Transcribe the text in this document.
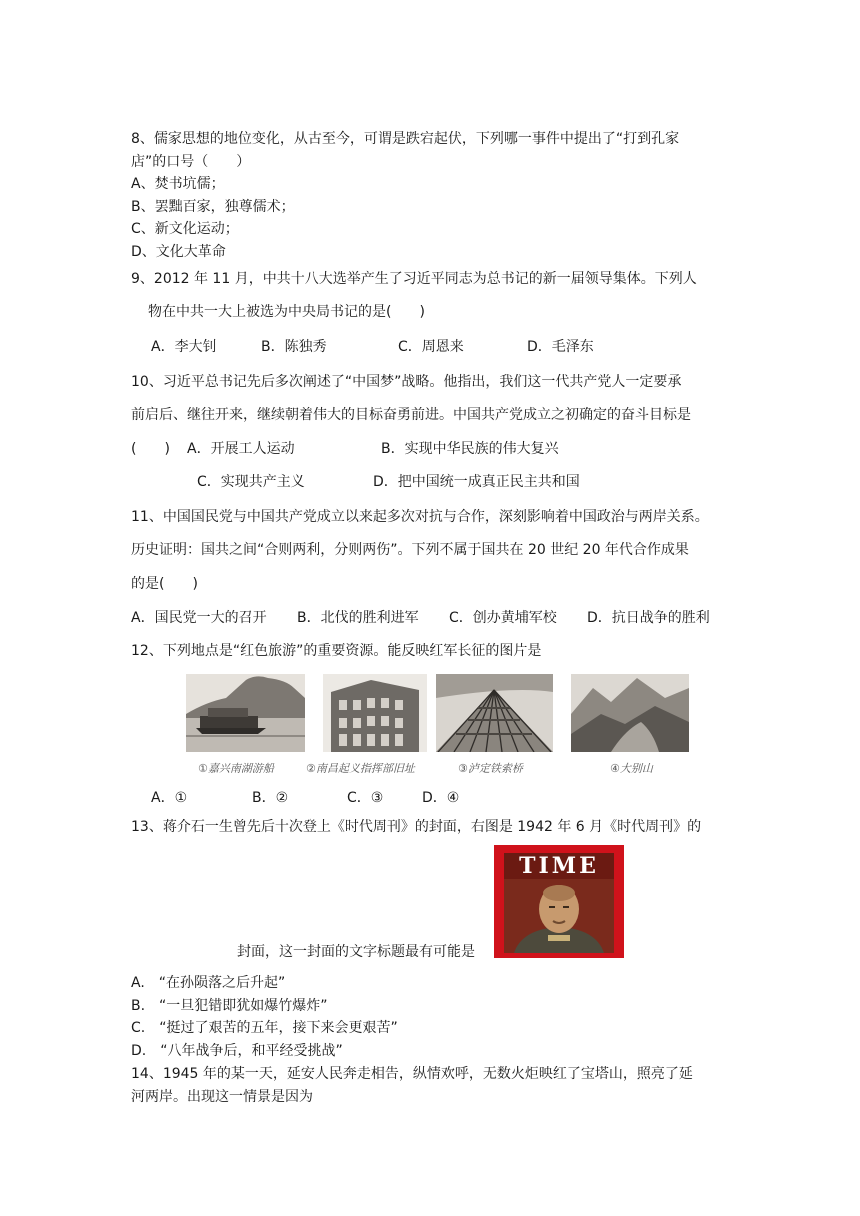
8、儒家思想的地位变化，从古至今，可谓是跌宕起伏，下列哪一事件中提出了“打到孔家
店”的口号（　　）
A、焚书坑儒；
B、罢黜百家，独尊儒术；
C、新文化运动；
D、文化大革命
9、2012 年 11 月，中共十八大选举产生了习近平同志为总书记的新一届领导集体。下列人
物在中共一大上被选为中央局书记的是(　　)
A．李大钊	B．陈独秀	C．周恩来	D．毛泽东
10、习近平总书记先后多次阐述了“中国梦”战略。他指出，我们这一代共产党人一定要承
前启后、继往开来，继续朝着伟大的目标奋勇前进。中国共产党成立之初确定的奋斗目标是
(　　) A．开展工人运动	B．实现中华民族的伟大复兴
C．实现共产主义	D．把中国统一成真正民主共和国
11、中国国民党与中国共产党成立以来起多次对抗与合作，深刻影响着中国政治与两岸关系。
历史证明：国共之间“合则两利，分则两伤”。下列不属于国共在 20 世纪 20 年代合作成果
的是(　　)
A．国民党一大的召开 B．北伐的胜利进军 C．创办黄埔军校 D．抗日战争的胜利
12、下列地点是“红色旅游”的重要资源。能反映红军长征的图片是
①嘉兴南湖游船	②南昌起义指挥部旧址	③泸定铁索桥	④大别山
A．①	B．②	C．③	D．④
13、蒋介石一生曾先后十次登上《时代周刊》的封面，右图是 1942 年 6 月《时代周刊》的
TIME
封面，这一封面的文字标题最有可能是
A.　“在孙陨落之后升起”
B.　“一旦犯错即犹如爆竹爆炸”
C.　“挺过了艰苦的五年，接下来会更艰苦”
D.　“八年战争后，和平经受挑战”
14、1945 年的某一天，延安人民奔走相告，纵情欢呼，无数火炬映红了宝塔山，照亮了延
河两岸。出现这一情景是因为
